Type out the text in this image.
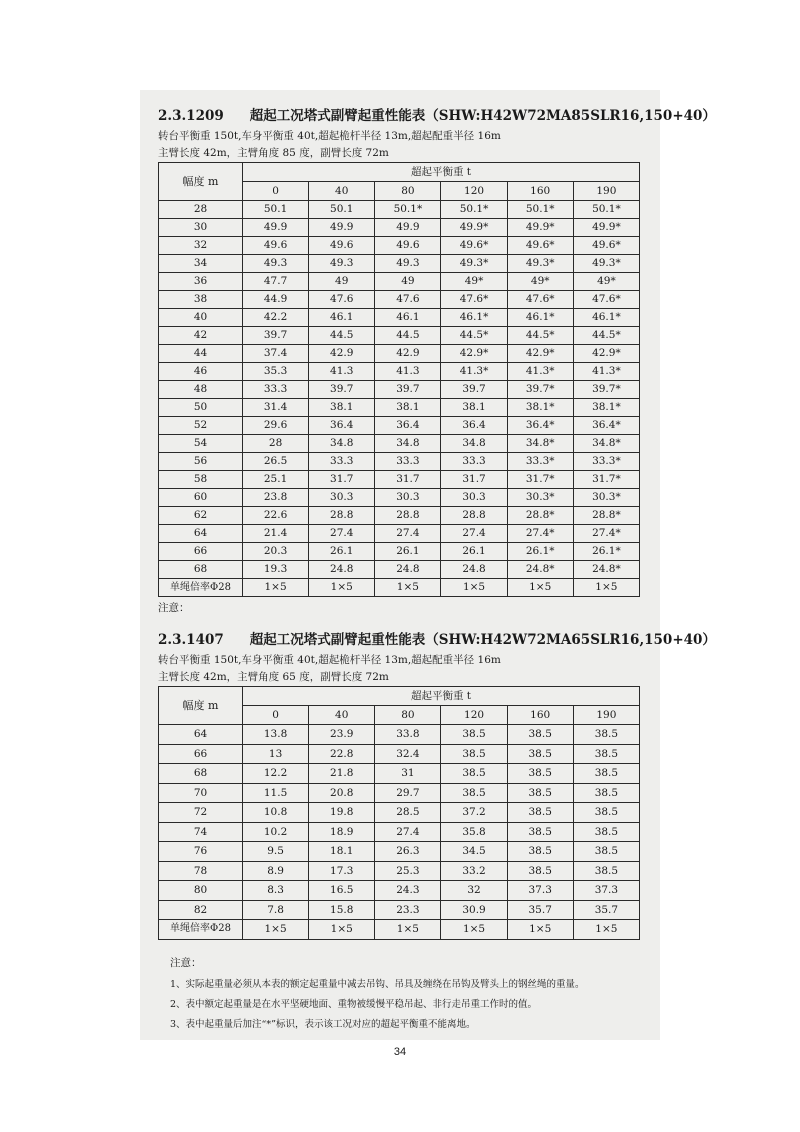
2.3.1209 超起工况塔式副臂起重性能表（SHW:H42W72MA85SLR16,150+40）
转台平衡重 150t,车身平衡重 40t,超起桅杆半径 13m,超起配重半径 16m
主臂长度 42m，主臂角度 85 度，副臂长度 72m
幅度 m	超起平衡重 t					
	0	40	80	120	160	190
28	50.1	50.1	50.1*	50.1*	50.1*	50.1*
30	49.9	49.9	49.9	49.9*	49.9*	49.9*
32	49.6	49.6	49.6	49.6*	49.6*	49.6*
34	49.3	49.3	49.3	49.3*	49.3*	49.3*
36	47.7	49	49	49*	49*	49*
38	44.9	47.6	47.6	47.6*	47.6*	47.6*
40	42.2	46.1	46.1	46.1*	46.1*	46.1*
42	39.7	44.5	44.5	44.5*	44.5*	44.5*
44	37.4	42.9	42.9	42.9*	42.9*	42.9*
46	35.3	41.3	41.3	41.3*	41.3*	41.3*
48	33.3	39.7	39.7	39.7	39.7*	39.7*
50	31.4	38.1	38.1	38.1	38.1*	38.1*
52	29.6	36.4	36.4	36.4	36.4*	36.4*
54	28	34.8	34.8	34.8	34.8*	34.8*
56	26.5	33.3	33.3	33.3	33.3*	33.3*
58	25.1	31.7	31.7	31.7	31.7*	31.7*
60	23.8	30.3	30.3	30.3	30.3*	30.3*
62	22.6	28.8	28.8	28.8	28.8*	28.8*
64	21.4	27.4	27.4	27.4	27.4*	27.4*
66	20.3	26.1	26.1	26.1	26.1*	26.1*
68	19.3	24.8	24.8	24.8	24.8*	24.8*
单绳倍率Φ28	1×5	1×5	1×5	1×5	1×5	1×5
注意：
2.3.1407 超起工况塔式副臂起重性能表（SHW:H42W72MA65SLR16,150+40）
转台平衡重 150t,车身平衡重 40t,超起桅杆半径 13m,超起配重半径 16m
主臂长度 42m，主臂角度 65 度，副臂长度 72m
幅度 m	超起平衡重 t					
	0	40	80	120	160	190
64	13.8	23.9	33.8	38.5	38.5	38.5
66	13	22.8	32.4	38.5	38.5	38.5
68	12.2	21.8	31	38.5	38.5	38.5
70	11.5	20.8	29.7	38.5	38.5	38.5
72	10.8	19.8	28.5	37.2	38.5	38.5
74	10.2	18.9	27.4	35.8	38.5	38.5
76	9.5	18.1	26.3	34.5	38.5	38.5
78	8.9	17.3	25.3	33.2	38.5	38.5
80	8.3	16.5	24.3	32	37.3	37.3
82	7.8	15.8	23.3	30.9	35.7	35.7
单绳倍率Φ28	1×5	1×5	1×5	1×5	1×5	1×5
注意：
1、实际起重量必须从本表的额定起重量中减去吊钩、吊具及缠绕在吊钩及臂头上的钢丝绳的重量。
2、表中额定起重量是在水平坚硬地面、重物被缓慢平稳吊起、非行走吊重工作时的值。
3、表中起重量后加注“*”标识，表示该工况对应的超起平衡重不能离地。
34
